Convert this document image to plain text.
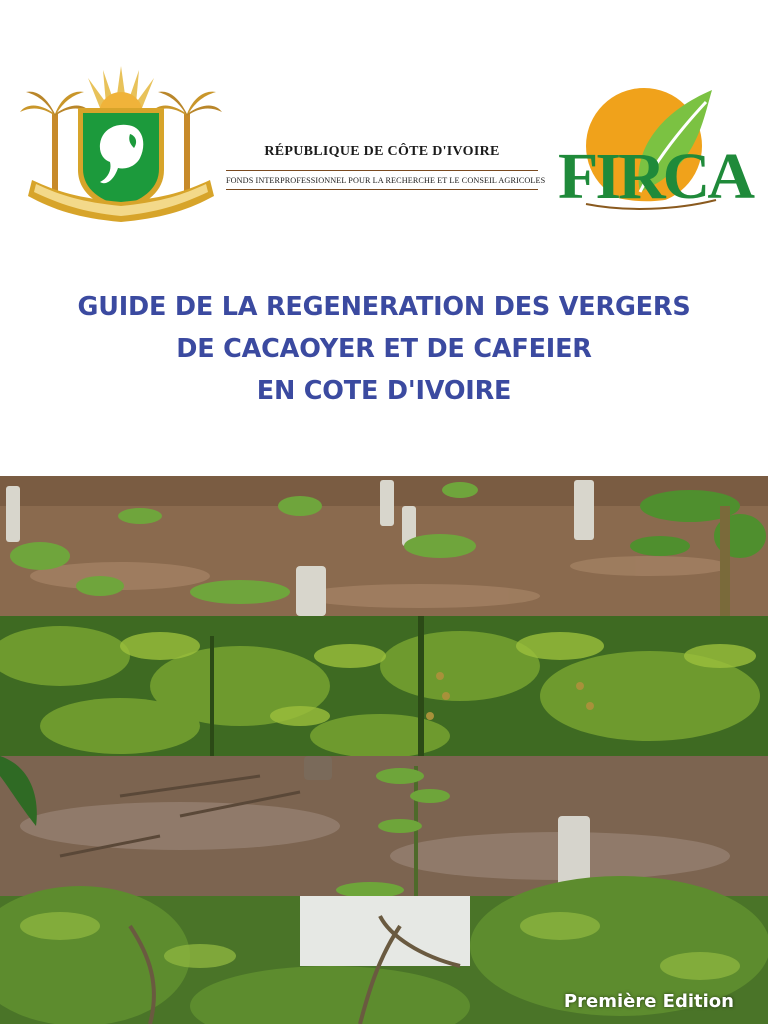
RÉPUBLIQUE DE CÔTE D'IVOIRE
FONDS INTERPROFESSIONNEL POUR LA RECHERCHE ET LE CONSEIL AGRICOLES FIRCA
GUIDE DE LA REGENERATION DES VERGERS
DE CACAOYER ET DE CAFEIER
EN COTE D'IVOIRE
Première Edition
